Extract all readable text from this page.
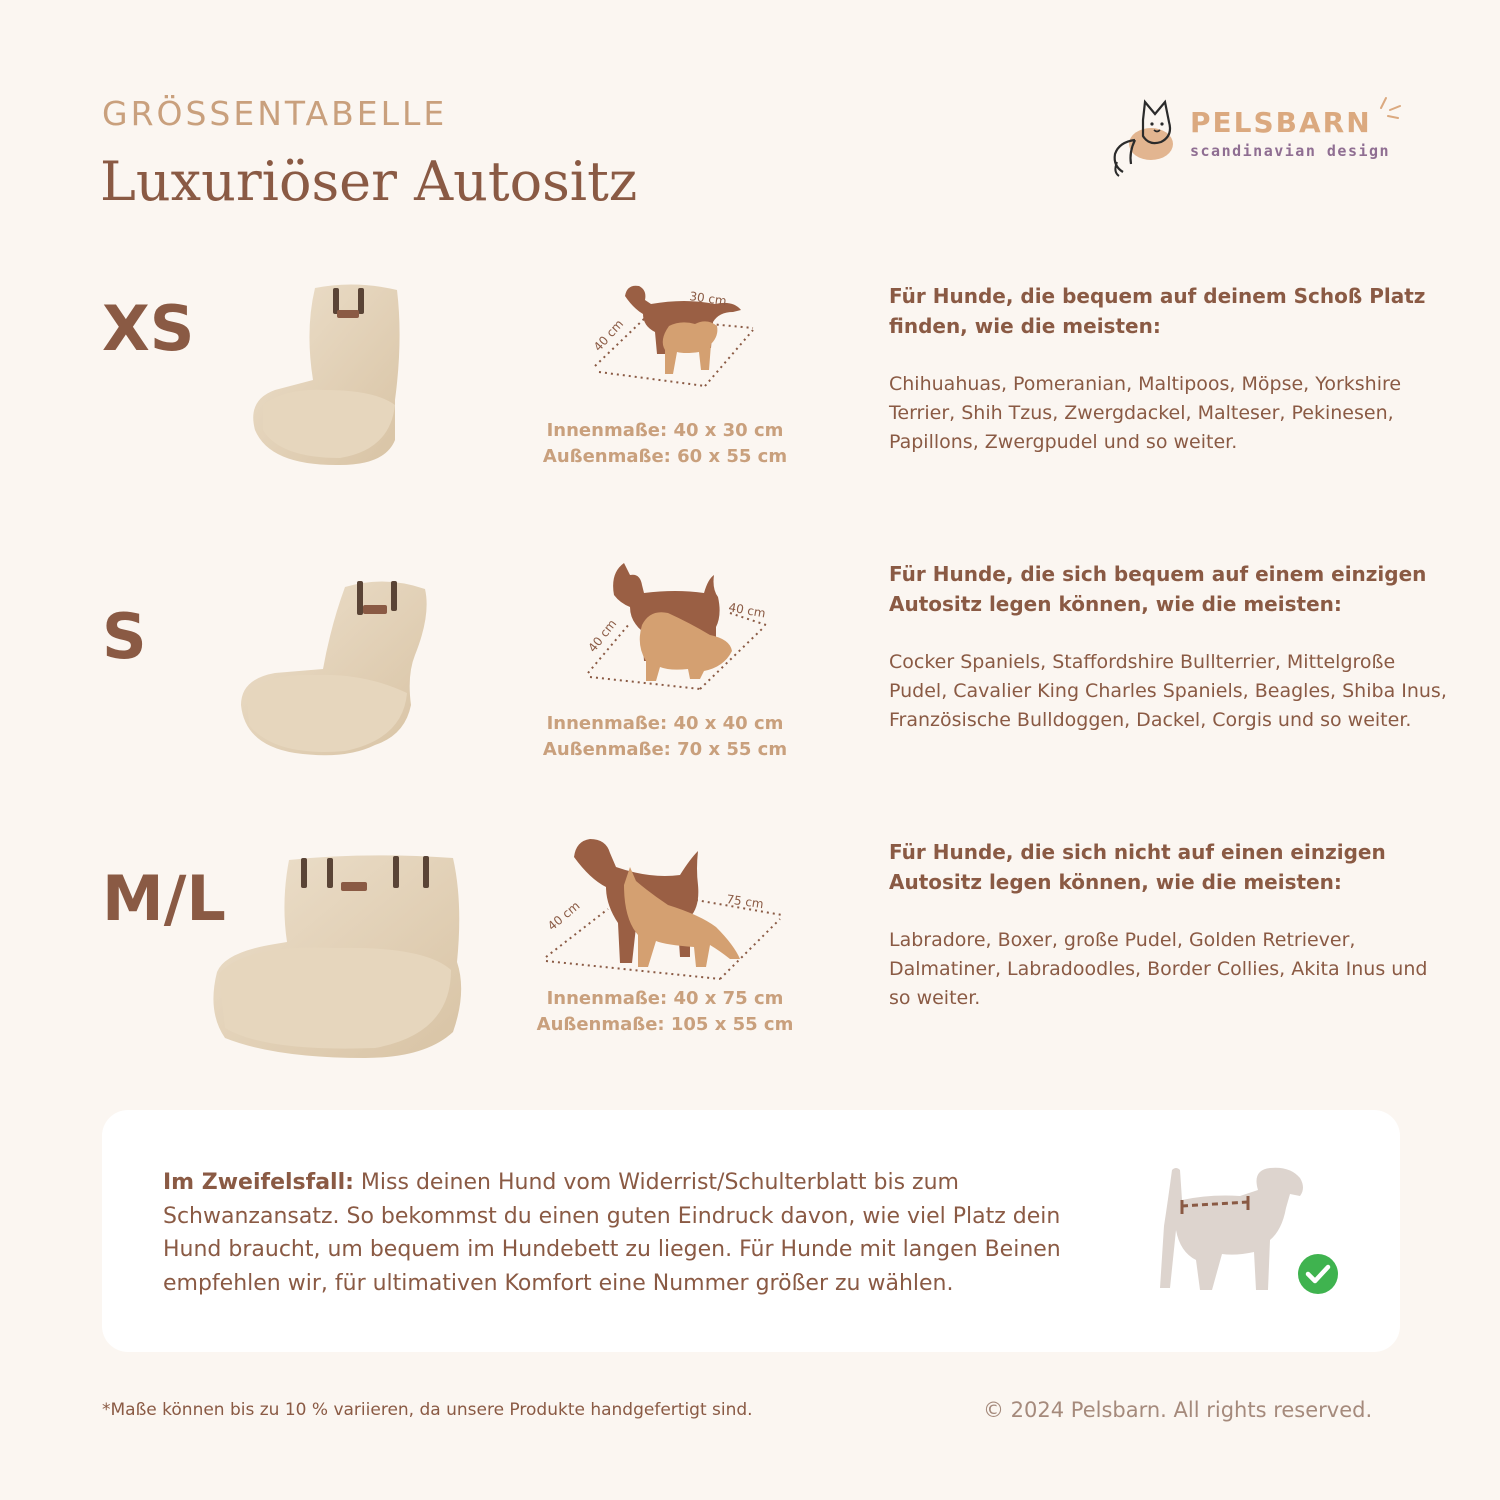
GRÖSSENTABELLE
Luxuriöser Autositz
PELSBARN
scandinavian design
XS	30 cm
40 cm
Innenmaße: 40 x 30 cm
Außenmaße: 60 x 55 cm
Für Hunde, die bequem auf deinem Schoß Platz finden, wie die meisten:
Chihuahuas, Pomeranian, Maltipoos, Möpse, Yorkshire Terrier, Shih Tzus, Zwergdackel, Malteser, Pekinesen, Papillons, Zwergpudel und so weiter.
S	40 cm
40 cm
Innenmaße: 40 x 40 cm
Außenmaße: 70 x 55 cm
Für Hunde, die sich bequem auf einem einzigen Autositz legen können, wie die meisten:
Cocker Spaniels, Staffordshire Bullterrier, Mittelgroße Pudel, Cavalier King Charles Spaniels, Beagles, Shiba Inus, Französische Bulldoggen, Dackel, Corgis und so weiter.
M/L	75 cm
40 cm
Innenmaße: 40 x 75 cm
Außenmaße: 105 x 55 cm
Für Hunde, die sich nicht auf einen einzigen Autositz legen können, wie die meisten:
Labradore, Boxer, große Pudel, Golden Retriever, Dalmatiner, Labradoodles, Border Collies, Akita Inus und so weiter.
Im Zweifelsfall: Miss deinen Hund vom Widerrist/Schulterblatt bis zum Schwanzansatz. So bekommst du einen guten Eindruck davon, wie viel Platz dein Hund braucht, um bequem im Hundebett zu liegen. Für Hunde mit langen Beinen empfehlen wir, für ultimativen Komfort eine Nummer größer zu wählen.
*Maße können bis zu 10 % variieren, da unsere Produkte handgefertigt sind.	© 2024 Pelsbarn. All rights reserved.
